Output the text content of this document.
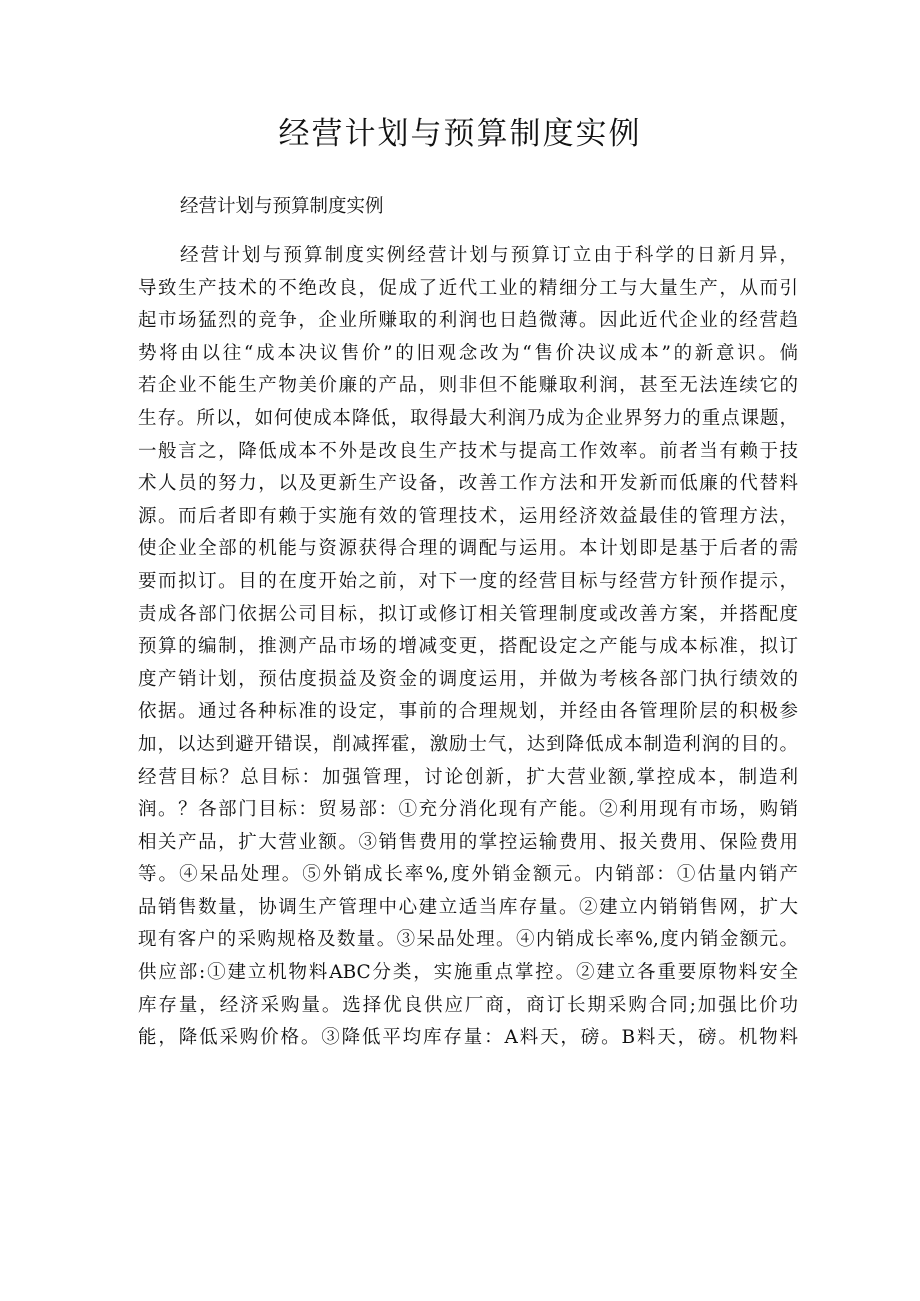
经营计划与预算制度实例

经营计划与预算制度实例

经营计划与预算制度实例经营计划与预算订立由于科学的日新月异，
导致生产技术的不绝改良，促成了近代工业的精细分工与大量生产，从而引
起市场猛烈的竞争，企业所赚取的利润也日趋微薄。因此近代企业的经营趋
势将由以往“成本决议售价”的旧观念改为“售价决议成本”的新意识。倘
若企业不能生产物美价廉的产品，则非但不能赚取利润，甚至无法连续它的
生存。所以，如何使成本降低，取得最大利润乃成为企业界努力的重点课题，
一般言之，降低成本不外是改良生产技术与提高工作效率。前者当有赖于技
术人员的努力，以及更新生产设备，改善工作方法和开发新而低廉的代替料
源。而后者即有赖于实施有效的管理技术，运用经济效益最佳的管理方法，
使企业全部的机能与资源获得合理的调配与运用。本计划即是基于后者的需
要而拟订。目的在度开始之前，对下一度的经营目标与经营方针预作提示，
责成各部门依据公司目标，拟订或修订相关管理制度或改善方案，并搭配度
预算的编制，推测产品市场的增减变更，搭配设定之产能与成本标准，拟订
度产销计划，预估度损益及资金的调度运用，并做为考核各部门执行绩效的
依据。通过各种标准的设定，事前的合理规划，并经由各管理阶层的积极参
加，以达到避开错误，削减挥霍，激励士气，达到降低成本制造利润的目的。
经营目标？总目标：加强管理，讨论创新，扩大营业额,掌控成本，制造利
润。？各部门目标：贸易部：①充分消化现有产能。②利用现有市场，购销
相关产品，扩大营业额。③销售费用的掌控运输费用、报关费用、保险费用
等。④呆品处理。⑤外销成长率%,度外销金额元。内销部：①估量内销产
品销售数量，协调生产管理中心建立适当库存量。②建立内销销售网，扩大
现有客户的采购规格及数量。③呆品处理。④内销成长率%,度内销金额元。
供应部:①建立机物料ABC分类，实施重点掌控。②建立各重要原物料安全
库存量，经济采购量。选择优良供应厂商，商订长期采购合同;加强比价功
能，降低采购价格。③降低平均库存量：A料天，磅。B料天，磅。机物料
